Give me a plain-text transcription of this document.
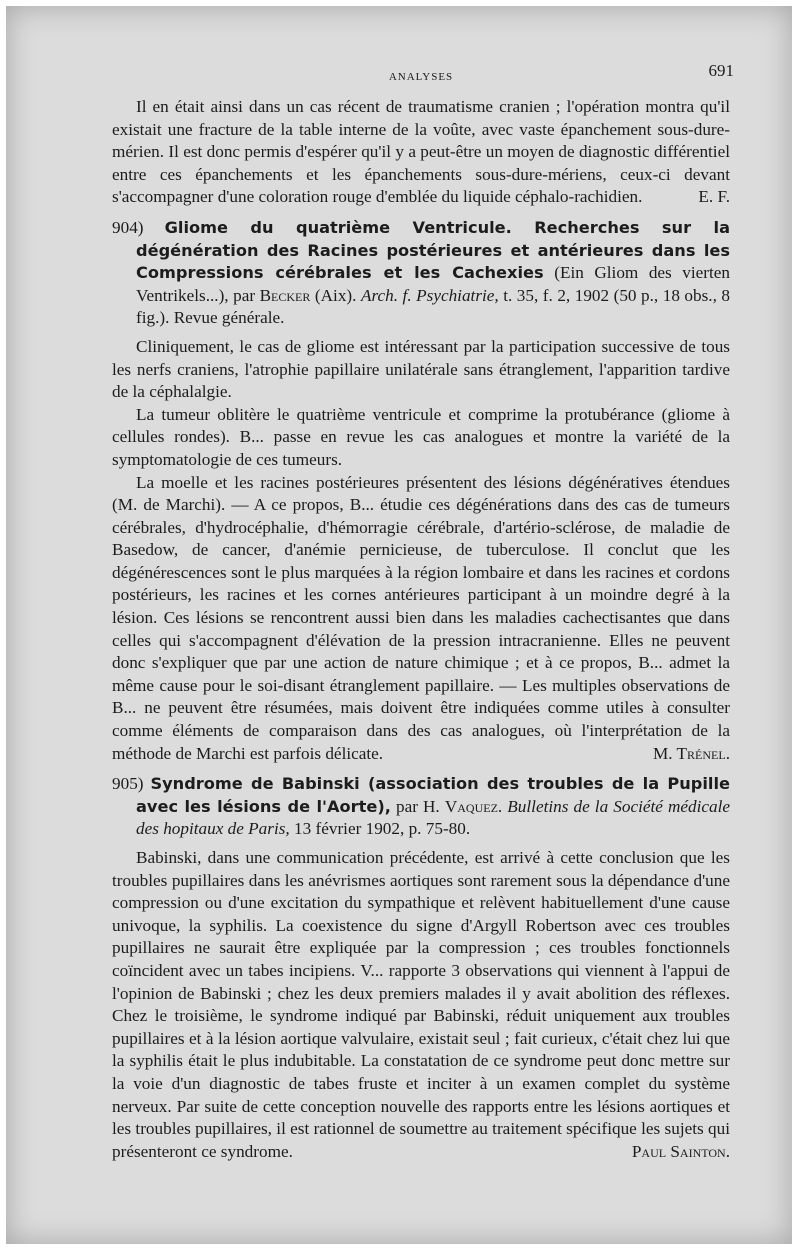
ANALYSES	691

Il en était ainsi dans un cas récent de traumatisme cranien ; l'opération montra qu'il existait une fracture de la table interne de la voûte, avec vaste épanchement sous-dure-mérien. Il est donc permis d'espérer qu'il y a peut-être un moyen de diagnostic différentiel entre ces épanchements et les épanchements sous-dure-mériens, ceux-ci devant s'accompagner d'une coloration rouge d'emblée du liquide céphalo-rachidien.	E. F.

904) Gliome du quatrième Ventricule. Recherches sur la dégénération des Racines postérieures et antérieures dans les Compressions cérébrales et les Cachexies (Ein Gliom des vierten Ventrikels...), par Becker (Aix). Arch. f. Psychiatrie, t. 35, f. 2, 1902 (50 p., 18 obs., 8 fig.). Revue générale.

Cliniquement, le cas de gliome est intéressant par la participation successive de tous les nerfs craniens, l'atrophie papillaire unilatérale sans étranglement, l'apparition tardive de la céphalalgie.

La tumeur oblitère le quatrième ventricule et comprime la protubérance (gliome à cellules rondes). B... passe en revue les cas analogues et montre la variété de la symptomatologie de ces tumeurs.

La moelle et les racines postérieures présentent des lésions dégénératives étendues (M. de Marchi). — A ce propos, B... étudie ces dégénérations dans des cas de tumeurs cérébrales, d'hydrocéphalie, d'hémorragie cérébrale, d'artério-sclérose, de maladie de Basedow, de cancer, d'anémie pernicieuse, de tuberculose. Il conclut que les dégénérescences sont le plus marquées à la région lombaire et dans les racines et cordons postérieurs, les racines et les cornes antérieures participant à un moindre degré à la lésion. Ces lésions se rencontrent aussi bien dans les maladies cachectisantes que dans celles qui s'accompagnent d'élévation de la pression intracranienne. Elles ne peuvent donc s'expliquer que par une action de nature chimique ; et à ce propos, B... admet la même cause pour le soi-disant étranglement papillaire. — Les multiples observations de B... ne peuvent être résumées, mais doivent être indiquées comme utiles à consulter comme éléments de comparaison dans des cas analogues, où l'interprétation de la méthode de Marchi est parfois délicate.	M. Trénel.

905) Syndrome de Babinski (association des troubles de la Pupille avec les lésions de l'Aorte), par H. Vaquez. Bulletins de la Société médicale des hopitaux de Paris, 13 février 1902, p. 75-80.

Babinski, dans une communication précédente, est arrivé à cette conclusion que les troubles pupillaires dans les anévrismes aortiques sont rarement sous la dépendance d'une compression ou d'une excitation du sympathique et relèvent habituellement d'une cause univoque, la syphilis. La coexistence du signe d'Argyll Robertson avec ces troubles pupillaires ne saurait être expliquée par la compression ; ces troubles fonctionnels coïncident avec un tabes incipiens. V... rapporte 3 observations qui viennent à l'appui de l'opinion de Babinski ; chez les deux premiers malades il y avait abolition des réflexes. Chez le troisième, le syndrome indiqué par Babinski, réduit uniquement aux troubles pupillaires et à la lésion aortique valvulaire, existait seul ; fait curieux, c'était chez lui que la syphilis était le plus indubitable. La constatation de ce syndrome peut donc mettre sur la voie d'un diagnostic de tabes fruste et inciter à un examen complet du système nerveux. Par suite de cette conception nouvelle des rapports entre les lésions aortiques et les troubles pupillaires, il est rationnel de soumettre au traitement spécifique les sujets qui présenteront ce syndrome.	Paul Sainton.
